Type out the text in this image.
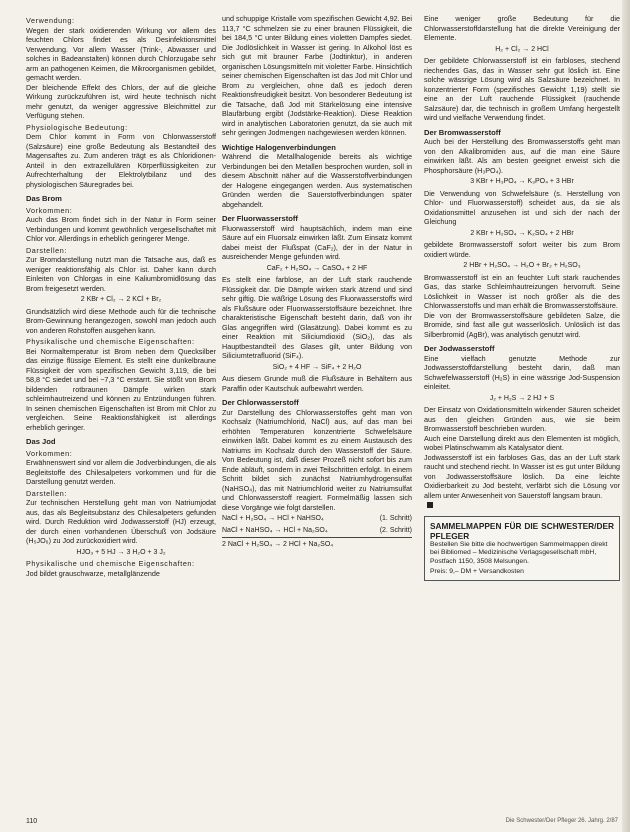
Verwendung:

Wegen der stark oxidierenden Wirkung vor allem des feuchten Chlors findet es als Desinfektionsmittel Verwendung. Vor allem Wasser (Trink-, Abwasser und solches in Badeanstalten) können durch Chlorzugabe sehr arm an pathogenen Keimen, die Mikroorganismen gebildet, gemacht werden.

Der bleichende Effekt des Chlors, der auf die gleiche Wirkung zurückzuführen ist, wird heute technisch nicht mehr genutzt, da weniger aggressive Bleichmittel zur Verfügung stehen.

Physiologische Bedeutung:

Dem Chlor kommt in Form von Chlorwasserstoff (Salzsäure) eine große Bedeutung als Bestandteil des Magensaftes zu. Zum anderen trägt es als Chloridionen-Anteil in den extrazellulären Körperflüssigkeiten zur Aufrechterhaltung der Elektrolytbilanz und des physiologischen Säuregrades bei.

Das Brom

Vorkommen:

Auch das Brom findet sich in der Natur in Form seiner Verbindungen und kommt gewöhnlich vergesellschaftet mit Chlor vor. Allerdings in erheblich geringerer Menge.

Darstellen:

Zur Bromdarstellung nutzt man die Tatsache aus, daß es weniger reaktionsfähig als Chlor ist. Daher kann durch Einleiten von Chlorgas in eine Kaliumbromidlösung das Brom freigesetzt werden.

2 KBr + Cl₂ → 2 KCl + Br₂

Grundsätzlich wird diese Methode auch für die technische Brom-Gewinnung herangezogen, sowohl man jedoch auch von anderen Rohstoffen ausgehen kann.

Physikalische und chemische Eigenschaften:

Bei Normaltemperatur ist Brom neben dem Quecksilber das einzige flüssige Element. Es stellt eine dunkelbraune Flüssigkeit der vom spezifischen Gewicht 3,119, die bei 58,8 °C siedet und bei −7,3 °C erstarrt. Sie stößt von Brom bildenden rotbraunen Dämpfe wirken stark schleimhautreizend und können zu Entzündungen führen. In seinen chemischen Eigenschaften ist Brom mit Chlor zu vergleichen. Seine Reaktionsfähigkeit ist allerdings erheblich geringer.

Das Jod

Vorkommen:

Erwähnenswert sind vor allem die Jodverbindungen, die als Begleitstoffe des Chilesalpeters vorkommen und für die Darstellung genutzt werden.

Darstellen:

Zur technischen Herstellung geht man von Natriumjodat aus, das als Begleitsubstanz des Chilesalpeters gefunden wird. Durch Reduktion wird Jodwasserstoff (HJ) erzeugt, der durch einen vorhandenen Überschuß von Jodsäure (H₅JO₆) zu Jod zurückoxidiert wird.

HJO₃ + 5 HJ → 3 H₂O + 3 J₂

Physikalische und chemische Eigenschaften:

Jod bildet grauschwarze, metallglänzende

und schuppige Kristalle vom spezifischen Gewicht 4,92. Bei 113,7 °C schmelzen sie zu einer braunen Flüssigkeit, die bei 184,5 °C unter Bildung eines violetten Dampfes siedet. Die Jodlöslichkeit in Wasser ist gering. In Alkohol löst es sich gut mit brauner Farbe (Jodtinktur), in anderen organischen Lösungsmitteln mit violetter Farbe. Hinsichtlich seiner chemischen Eigenschaften ist das Jod mit Chlor und Brom zu vergleichen, ohne daß es jedoch deren Reaktionsfreudigkeit besitzt. Von besonderer Bedeutung ist die Tatsache, daß Jod mit Stärkelösung eine intensive Blaufärbung ergibt (Jodstärke-Reaktion). Diese Reaktion wird in analytischen Laboratorien genutzt, da sie auch mit sehr geringen Jodmengen nachgewiesen werden können.

Wichtige Halogenverbindungen

Während die Metallhalogenide bereits als wichtige Verbindungen bei den Metallen besprochen wurden, soll in diesem Abschnitt näher auf die Wasserstoffverbindungen der Halogene eingegangen werden. Aus systematischen Gründen werden die Sauerstoffverbindungen später abgehandelt.

Der Fluorwasserstoff

Fluorwasserstoff wird hauptsächlich, indem man eine Säure auf ein Fluorsalz einwirken läßt. Zum Einsatz kommt dabei meist der Flußspat (CaF₂), der in der Natur in ausreichender Menge gefunden wird.

CaF₂ + H₂SO₄ → CaSO₄ + 2 HF

Es stellt eine farblose, an der Luft stark rauchende Flüssigkeit dar. Die Dämpfe wirken stark ätzend und sind sehr giftig. Die wäßrige Lösung des Fluorwasserstoffs wird als Flußsäure oder Fluorwasserstoffsäure bezeichnet. Ihre charakteristische Eigenschaft besteht darin, daß von ihr Glas angegriffen wird (Glasätzung). Dabei kommt es zu einer Reaktion mit Siliciumdioxid (SiO₂), das als Hauptbestandteil des Glases gilt, unter Bildung von Siliciumtetrafluorid (SiF₄).

SiO₂ + 4 HF → SiF₄ + 2 H₂O

Aus diesem Grunde muß die Flußsäure in Behältern aus Paraffin oder Kautschuk aufbewahrt werden.

Der Chlorwasserstoff

Zur Darstellung des Chlorwasserstoffes geht man von Kochsalz (Natriumchlorid, NaCl) aus, auf das man bei erhöhten Temperaturen konzentrierte Schwefelsäure einwirken läßt. Dabei kommt es zu einem Austausch des Natriums im Kochsalz durch den Wasserstoff der Säure. Von Bedeutung ist, daß dieser Prozeß nicht sofort bis zum Ende abläuft, sondern in zwei Teilschritten erfolgt. In einem Schritt bildet sich zunächst Natriumhydrogensulfat (NaHSO₄), das mit Natriumchlorid weiter zu Natriumsulfat und Chlorwasserstoff reagiert. Formelmäßig lassen sich diese Vorgänge wie folgt darstellen.

NaCl + H₂SO₄ → HCl + NaHSO₄	(1. Schritt)
NaCl + NaHSO₄ → HCl + Na₂SO₄	(2. Schritt)
2 NaCl + H₂SO₄ → 2 HCl + Na₂SO₄

Eine weniger große Bedeutung für die Chlorwasserstoffdarstellung hat die direkte Vereinigung der Elemente.

H₂ + Cl₂ → 2 HCl

Der gebildete Chlorwasserstoff ist ein farbloses, stechend riechendes Gas, das in Wasser sehr gut löslich ist. Eine solche wässrige Lösung wird als Salzsäure bezeichnet. In konzentrierter Form (spezifisches Gewicht 1,19) stellt sie eine an der Luft rauchende Flüssigkeit (rauchende Salzsäure) dar, die technisch in großem Umfang hergestellt wird und vielfache Verwendung findet.

Der Bromwasserstoff

Auch bei der Herstellung des Bromwasserstoffs geht man von den Alkalibromiden aus, auf die man eine Säure einwirken läßt. Als am besten geeignet erweist sich die Phosphorsäure (H₃PO₄).

3 KBr + H₃PO₄ → K₃PO₄ + 3 HBr

Die Verwendung von Schwefelsäure (s. Herstellung von Chlor- und Fluorwasserstoff) scheidet aus, da sie als Oxidationsmittel anzusehen ist und sich der nach der Gleichung

2 KBr + H₂SO₄ → K₂SO₄ + 2 HBr

gebildete Bromwasserstoff sofort weiter bis zum Brom oxidiert würde.

2 HBr + H₂SO₄ → H₂O + Br₂ + H₂SO₃

Bromwasserstoff ist ein an feuchter Luft stark rauchendes Gas, das starke Schleimhautreizungen hervorruft. Seine Löslichkeit in Wasser ist noch größer als die des Chlorwasserstoffs und man erhält die Bromwasserstoffsäure.

Die von der Bromwasserstoffsäure gebildeten Salze, die Bromide, sind fast alle gut wasserlöslich. Unlöslich ist das Silberbromid (AgBr), was analytisch genutzt wird.

Der Jodwasserstoff

Eine vielfach genutzte Methode zur Jodwasserstoffdarstellung besteht darin, daß man Schwefelwasserstoff (H₂S) in eine wässrige Jod-Suspension einleitet.

J₂ + H₂S → 2 HJ + S

Der Einsatz von Oxidationsmitteln wirkender Säuren scheidet aus den gleichen Gründen aus, wie sie beim Bromwasserstoff beschrieben wurden.

Auch eine Darstellung direkt aus den Elementen ist möglich, wobei Platinschwamm als Katalysator dient.

Jodwasserstoff ist ein farbloses Gas, das an der Luft stark raucht und stechend riecht. In Wasser ist es gut unter Bildung von Jodwasserstoffsäure löslich. Da eine leichte Oxidierbarkeit zu Jod besteht, verfärbt sich die Lösung vor allem unter Anwesenheit von Sauerstoff langsam braun.

SAMMELMAPPEN FÜR DIE SCHWESTER/DER PFLEGER

Bestellen Sie bitte die hochwertigen Sammelmappen direkt bei Bibliomed – Medizinische Verlagsgesellschaft mbH, Postfach 1150, 3508 Melsungen.

Preis: 9,– DM + Versandkosten

110	Die Schwester/Der Pfleger 26. Jahrg. 2/87
